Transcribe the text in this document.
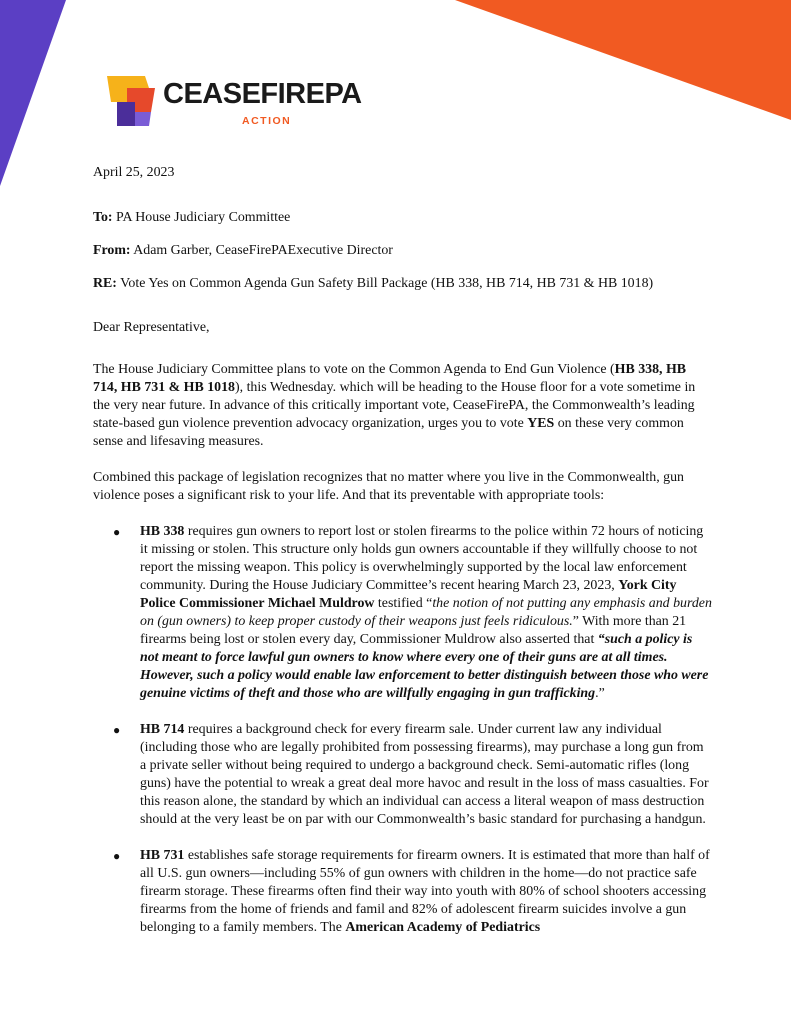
CEASEFIREPA
ACTION

April 25, 2023

To: PA House Judiciary Committee

From: Adam Garber, CeaseFirePAExecutive Director

RE: Vote Yes on Common Agenda Gun Safety Bill Package (HB 338, HB 714, HB 731 & HB 1018)

Dear Representative,

The House Judiciary Committee plans to vote on the Common Agenda to End Gun Violence (HB 338, HB 714, HB 731 & HB 1018), this Wednesday. which will be heading to the House floor for a vote sometime in the very near future. In advance of this critically important vote, CeaseFirePA, the Commonwealth’s leading state-based gun violence prevention advocacy organization, urges you to vote YES on these very common sense and lifesaving measures.

Combined this package of legislation recognizes that no matter where you live in the Commonwealth, gun violence poses a significant risk to your life. And that its preventable with appropriate tools:

● HB 338 requires gun owners to report lost or stolen firearms to the police within 72 hours of noticing it missing or stolen. This structure only holds gun owners accountable if they willfully choose to not report the missing weapon. This policy is overwhelmingly supported by the local law enforcement community. During the House Judiciary Committee’s recent hearing March 23, 2023, York City Police Commissioner Michael Muldrow testified “the notion of not putting any emphasis and burden on (gun owners) to keep proper custody of their weapons just feels ridiculous.” With more than 21 firearms being lost or stolen every day, Commissioner Muldrow also asserted that “such a policy is not meant to force lawful gun owners to know where every one of their guns are at all times. However, such a policy would enable law enforcement to better distinguish between those who were genuine victims of theft and those who are willfully engaging in gun trafficking.”
● HB 714 requires a background check for every firearm sale. Under current law any individual (including those who are legally prohibited from possessing firearms), may purchase a long gun from a private seller without being required to undergo a background check. Semi-automatic rifles (long guns) have the potential to wreak a great deal more havoc and result in the loss of mass casualties. For this reason alone, the standard by which an individual can access a literal weapon of mass destruction should at the very least be on par with our Commonwealth’s basic standard for purchasing a handgun.
● HB 731 establishes safe storage requirements for firearm owners. It is estimated that more than half of all U.S. gun owners—including 55% of gun owners with children in the home—do not practice safe firearm storage. These firearms often find their way into youth with 80% of school shooters accessing firearms from the home of friends and famil and 82% of adolescent firearm suicides involve a gun belonging to a family members. The American Academy of Pediatrics
